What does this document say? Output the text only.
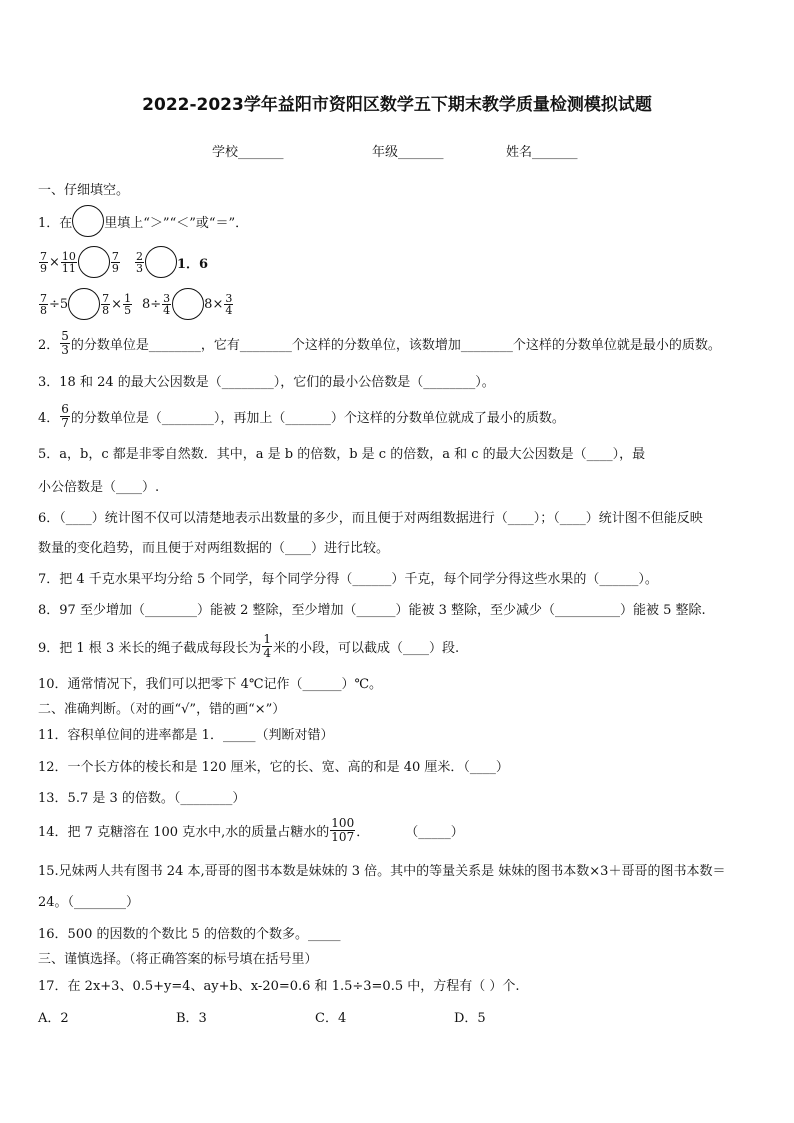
2022-2023学年益阳市资阳区数学五下期末教学质量检测模拟试题
学校_______	年级_______	姓名_______
一、仔细填空。
1．在 里填上“＞”“＜”或“＝”．
$\frac{7}{9} \times \frac{10}{11}$	7
9
2
3	1．6
$\frac{7}{8} \div 5$	$\frac{7}{8} \times \frac{1}{5} 8\div \frac{3}{4}$	$8\times \frac{3}{4}$
2．
5
3 的分数单位是________，它有________个这样的分数单位，该数增加________个这样的分数单位就是最小的质数。
3．18 和 24 的最大公因数是（________），它们的最小公倍数是（________）。
4．
6
7 的分数单位是（________），再加上（_______）个这样的分数单位就成了最小的质数。
5．a，b，c 都是非零自然数．其中，a 是 b 的倍数，b 是 c 的倍数，a 和 c 的最大公因数是（____），最
小公倍数是（____）.
6．（____）统计图不仅可以清楚地表示出数量的多少，而且便于对两组数据进行（____）；（____）统计图不但能反映
数量的变化趋势，而且便于对两组数据的（____）进行比较。
7．把 4 千克水果平均分给 5 个同学，每个同学分得（______）千克，每个同学分得这些水果的（______）。
8．97 至少增加（________）能被 2 整除，至少增加（______）能被 3 整除，至少减少（__________）能被 5 整除.
9．把 1 根 3 米长的绳子截成每段长为
1
4 米的小段，可以截成（____）段.
10．通常情况下，我们可以把零下 4℃记作（______）℃。
二、准确判断。（对的画“√”，错的画“×”）
11．容积单位间的进率都是 1．_____（判断对错）
12．一个长方体的棱长和是 120 厘米，它的长、宽、高的和是 40 厘米．（____）
13．5.7 是 3 的倍数。（________）
14．把 7 克糖溶在 100 克水中,水的质量占糖水的
100
107 ．	（_____）
15.兄妹两人共有图书 24 本,哥哥的图书本数是妹妹的 3 倍。其中的等量关系是 妹妹的图书本数×3＋哥哥的图书本数＝
24。（________）
16．500 的因数的个数比 5 的倍数的个数多。_____
三、谨慎选择。（将正确答案的标号填在括号里）
17．在 2x+3、0.5+y=4、ay+b、x-20=0.6 和 1.5÷3=0.5 中，方程有（ ）个.
A．2	B．3	C．4	D．5
